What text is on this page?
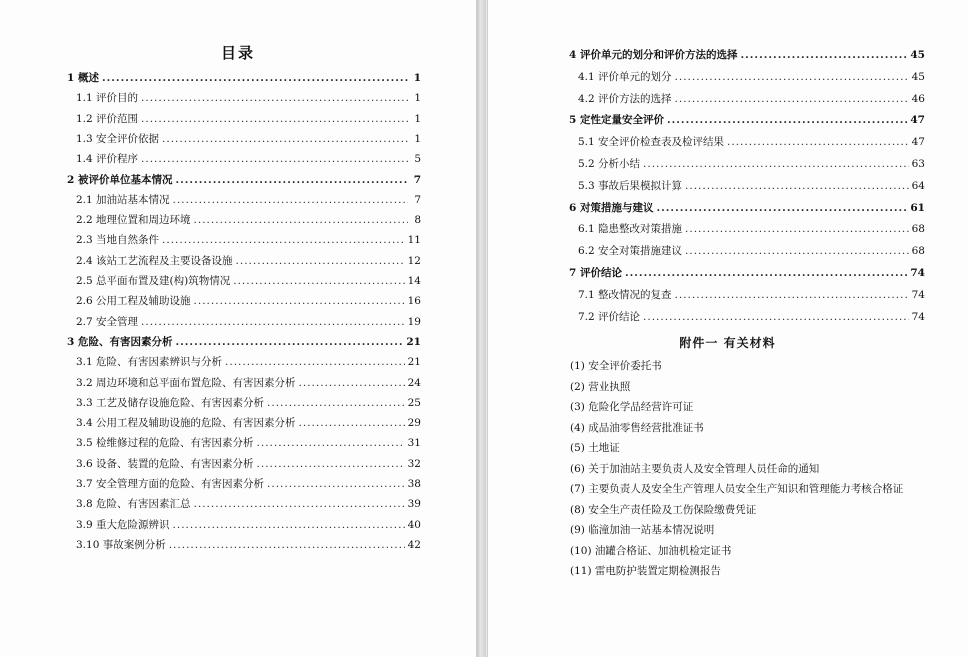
目录
1 概述 .....	1
1.1 评价目的 .....	1
1.2 评价范围 .....	1
1.3 安全评价依据 .....	1
1.4 评价程序 .....	5
2 被评价单位基本情况 .....	7
2.1 加油站基本情况 .....	7
2.2 地理位置和周边环境 .....	8
2.3 当地自然条件 .....	11
2.4 该站工艺流程及主要设备设施 .....	12
2.5 总平面布置及建(构)筑物情况 .....	14
2.6 公用工程及辅助设施 .....	16
2.7 安全管理 .....	19
3 危险、有害因素分析 .....	21
3.1 危险、有害因素辨识与分析 .....	21
3.2 周边环境和总平面布置危险、有害因素分析 .....	24
3.3 工艺及储存设施危险、有害因素分析 .....	25
3.4 公用工程及辅助设施的危险、有害因素分析 .....	29
3.5 检维修过程的危险、有害因素分析 .....	31
3.6 设备、装置的危险、有害因素分析 .....	32
3.7 安全管理方面的危险、有害因素分析 .....	38
3.8 危险、有害因素汇总 .....	39
3.9 重大危险源辨识 .....	40
3.10 事故案例分析 .....	42
4 评价单元的划分和评价方法的选择 .....	45
4.1 评价单元的划分 .....	45
4.2 评价方法的选择 .....	46
5 定性定量安全评价 .....	47
5.1 安全评价检查表及检评结果 .....	47
5.2 分析小结 .....	63
5.3 事故后果模拟计算 .....	64
6 对策措施与建议 .....	61
6.1 隐患整改对策措施 .....	68
6.2 安全对策措施建议 .....	68
7 评价结论 .....	74
7.1 整改情况的复查 .....	74
7.2 评价结论 .....	74
附件一 有关材料
(1) 安全评价委托书
(2) 营业执照
(3) 危险化学品经营许可证
(4) 成品油零售经营批准证书
(5) 土地证
(6) 关于加油站主要负责人及安全管理人员任命的通知
(7) 主要负责人及安全生产管理人员安全生产知识和管理能力考核合格证
(8) 安全生产责任险及工伤保险缴费凭证
(9) 临潼加油一站基本情况说明
(10) 油罐合格证、加油机检定证书
(11) 雷电防护装置定期检测报告
